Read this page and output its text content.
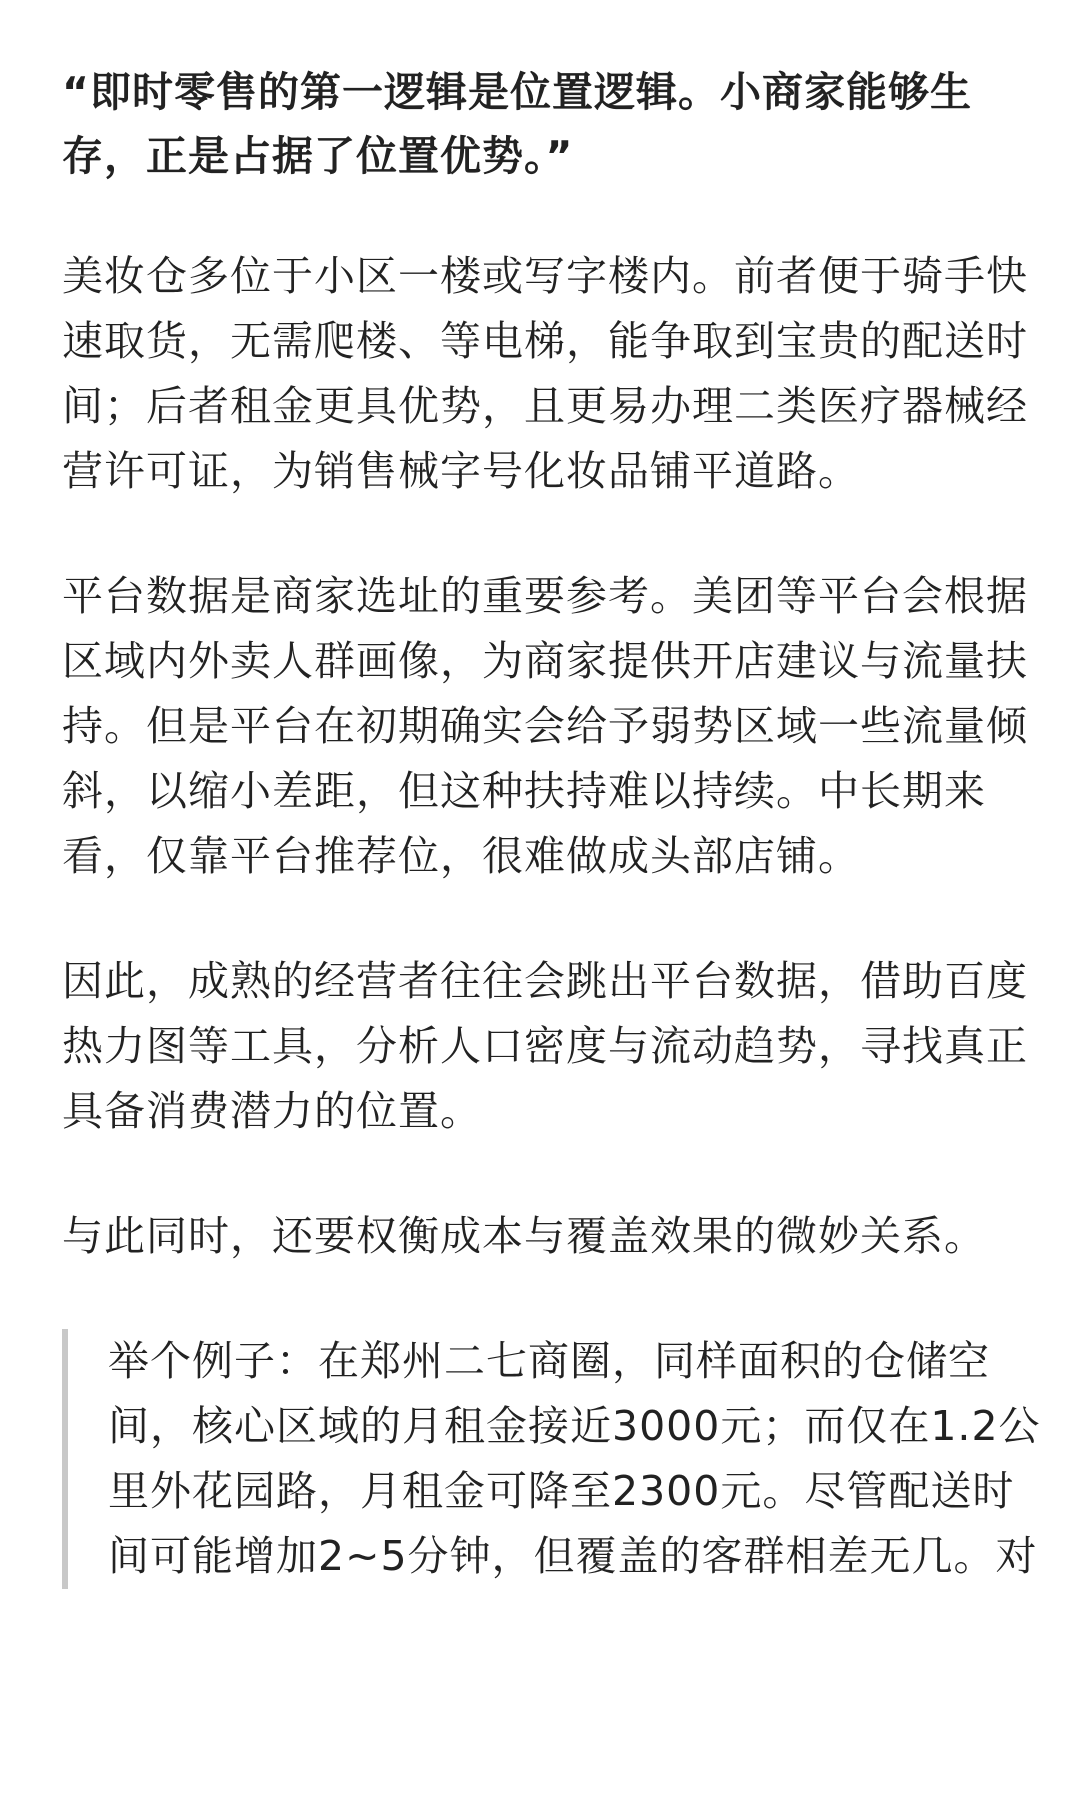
“即时零售的第一逻辑是位置逻辑。小商家能够生
存，正是占据了位置优势。”
美妆仓多位于小区一楼或写字楼内。前者便于骑手快
速取货，无需爬楼、等电梯，能争取到宝贵的配送时
间；后者租金更具优势，且更易办理二类医疗器械经
营许可证，为销售械字号化妆品铺平道路。
平台数据是商家选址的重要参考。美团等平台会根据
区域内外卖人群画像，为商家提供开店建议与流量扶
持。但是平台在初期确实会给予弱势区域一些流量倾
斜，以缩小差距，但这种扶持难以持续。中长期来
看，仅靠平台推荐位，很难做成头部店铺。
因此，成熟的经营者往往会跳出平台数据，借助百度
热力图等工具，分析人口密度与流动趋势，寻找真正
具备消费潜力的位置。
与此同时，还要权衡成本与覆盖效果的微妙关系。
举个例子：在郑州二七商圈，同样面积的仓储空
间，核心区域的月租金接近3000元；而仅在1.2公
里外花园路，月租金可降至2300元。尽管配送时
间可能增加2~5分钟，但覆盖的客群相差无几。对
